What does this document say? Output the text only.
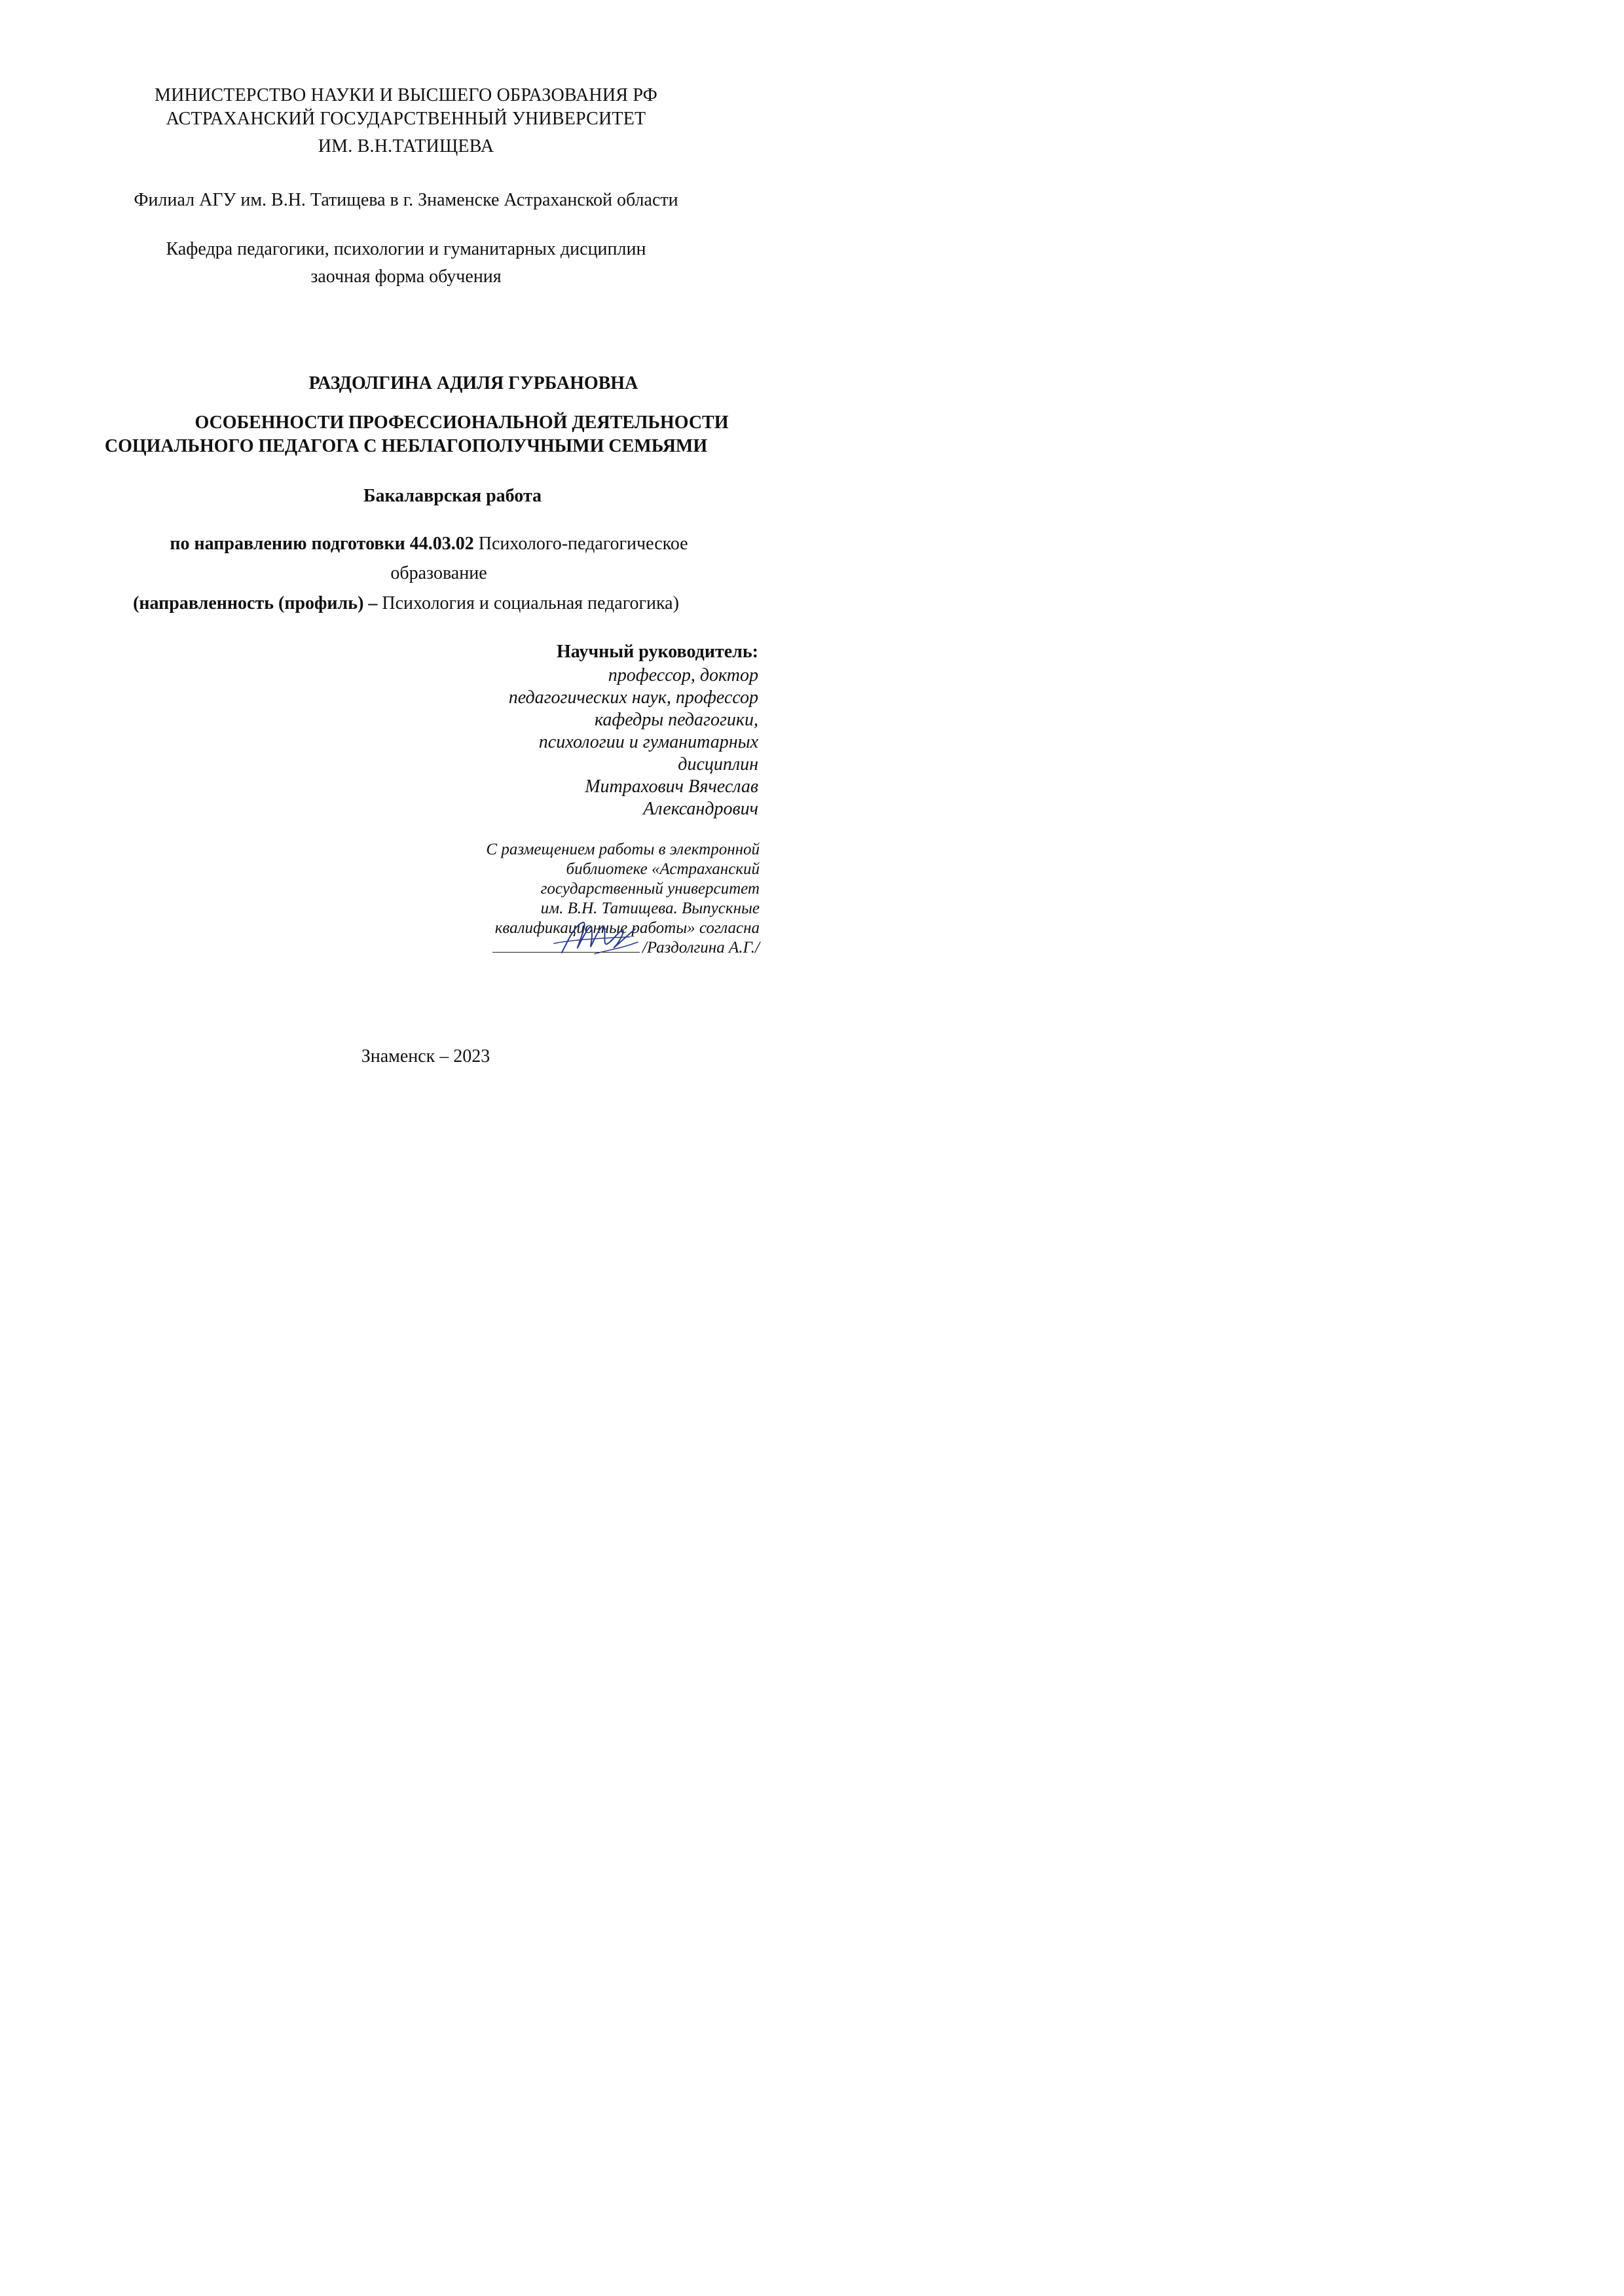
МИНИСТЕРСТВО НАУКИ И ВЫСШЕГО ОБРАЗОВАНИЯ РФ
АСТРАХАНСКИЙ ГОСУДАРСТВЕННЫЙ УНИВЕРСИТЕТ
ИМ. В.Н.ТАТИЩЕВА
Филиал АГУ им. В.Н. Татищева в г. Знаменске Астраханской области
Кафедра педагогики, психологии и гуманитарных дисциплин
заочная форма обучения
РАЗДОЛГИНА АДИЛЯ ГУРБАНОВНА
ОСОБЕННОСТИ ПРОФЕССИОНАЛЬНОЙ ДЕЯТЕЛЬНОСТИ
СОЦИАЛЬНОГО ПЕДАГОГА С НЕБЛАГОПОЛУЧНЫМИ СЕМЬЯМИ
Бакалаврская работа
по направлению подготовки 44.03.02 Психолого-педагогическое
образование
(направленность (профиль) – Психология и социальная педагогика)
Научный руководитель:
профессор, доктор
педагогических наук, профессор
кафедры педагогики,
психологии и гуманитарных
дисциплин
Митрахович Вячеслав
Александрович
С размещением работы в электронной
библиотеке «Астраханский
государственный университет
им. В.Н. Татищева. Выпускные
квалификационные работы» согласна
/Раздолгина А.Г./
Знаменск – 2023
